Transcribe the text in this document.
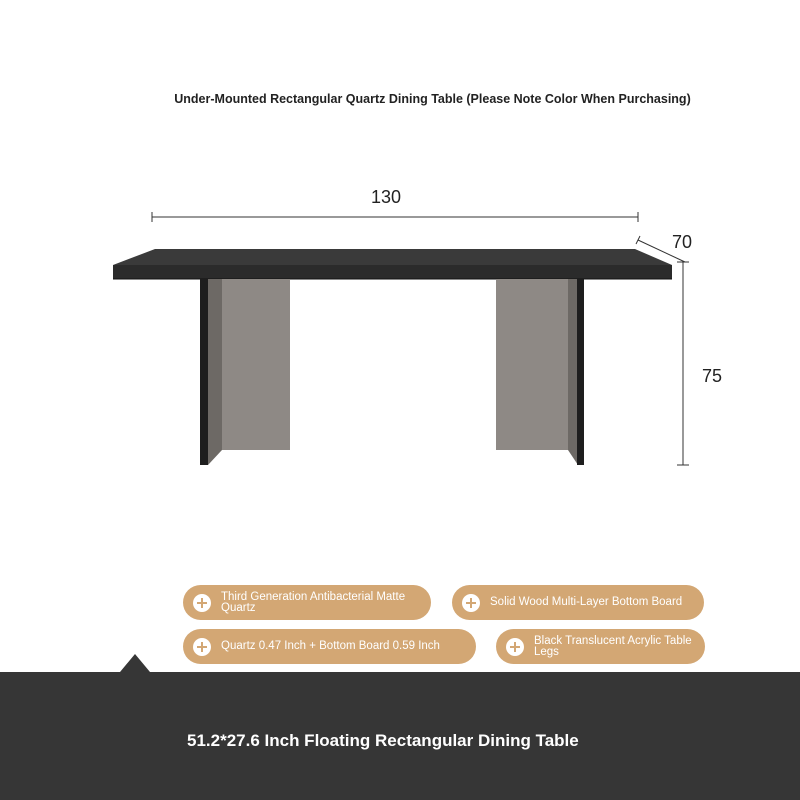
Under-Mounted Rectangular Quartz Dining Table (Please Note Color When Purchasing)
130
70
75
Third Generation Antibacterial Matte Quartz	Solid Wood Multi-Layer Bottom Board
Quartz 0.47 Inch + Bottom Board 0.59 Inch	Black Translucent Acrylic Table Legs
51.2*27.6 Inch Floating Rectangular Dining Table
